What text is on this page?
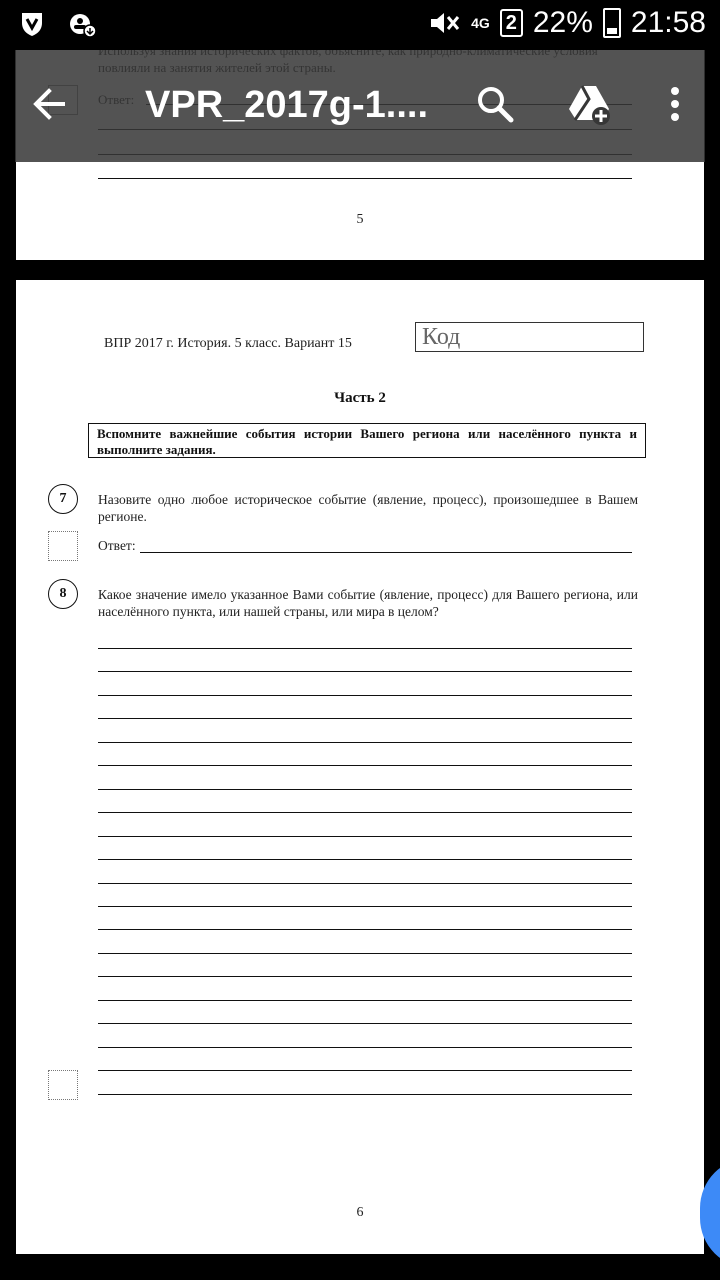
4G 2 22% 21:58
5
VPR_2017g-1....
ВПР 2017 г. История. 5 класс. Вариант 15	Код
Часть 2
Вспомните важнейшие события истории Вашего региона или населённого пункта и выполните задания.
7	Назовите одно любое историческое событие (явление, процесс), произошедшее в Вашем регионе.
Ответ:
8	Какое значение имело указанное Вами событие (явление, процесс) для Вашего региона, или населённого пункта, или нашей страны, или мира в целом?
6
